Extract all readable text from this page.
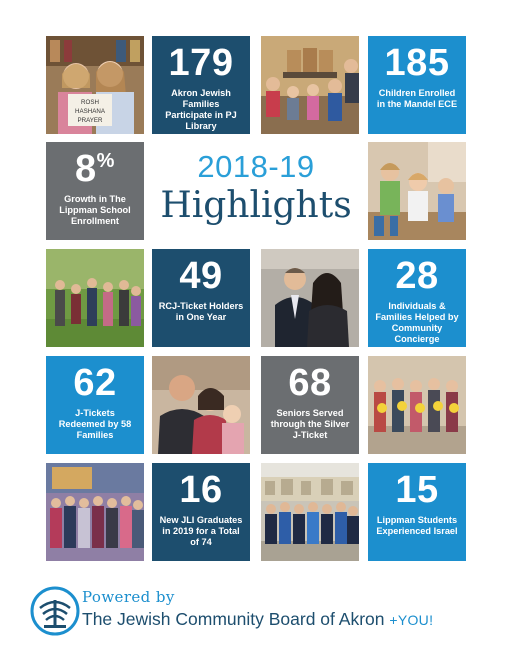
ROSH
HASHANA
PRAYER
179
Akron Jewish Families Participate in PJ Library
185
Children Enrolled in the Mandel ECE
8%
Growth in The Lippman School Enrollment
2018-19
Highlights
49
RCJ-Ticket Holders in One Year
28
Individuals & Families Helped by Community Concierge
62
J-Tickets Redeemed by 58 Families
68
Seniors Served through the Silver J-Ticket
16
New JLI Graduates in 2019 for a Total of 74
15
Lippman Students Experienced Israel
Powered by
The Jewish Community Board of Akron +YOU!
